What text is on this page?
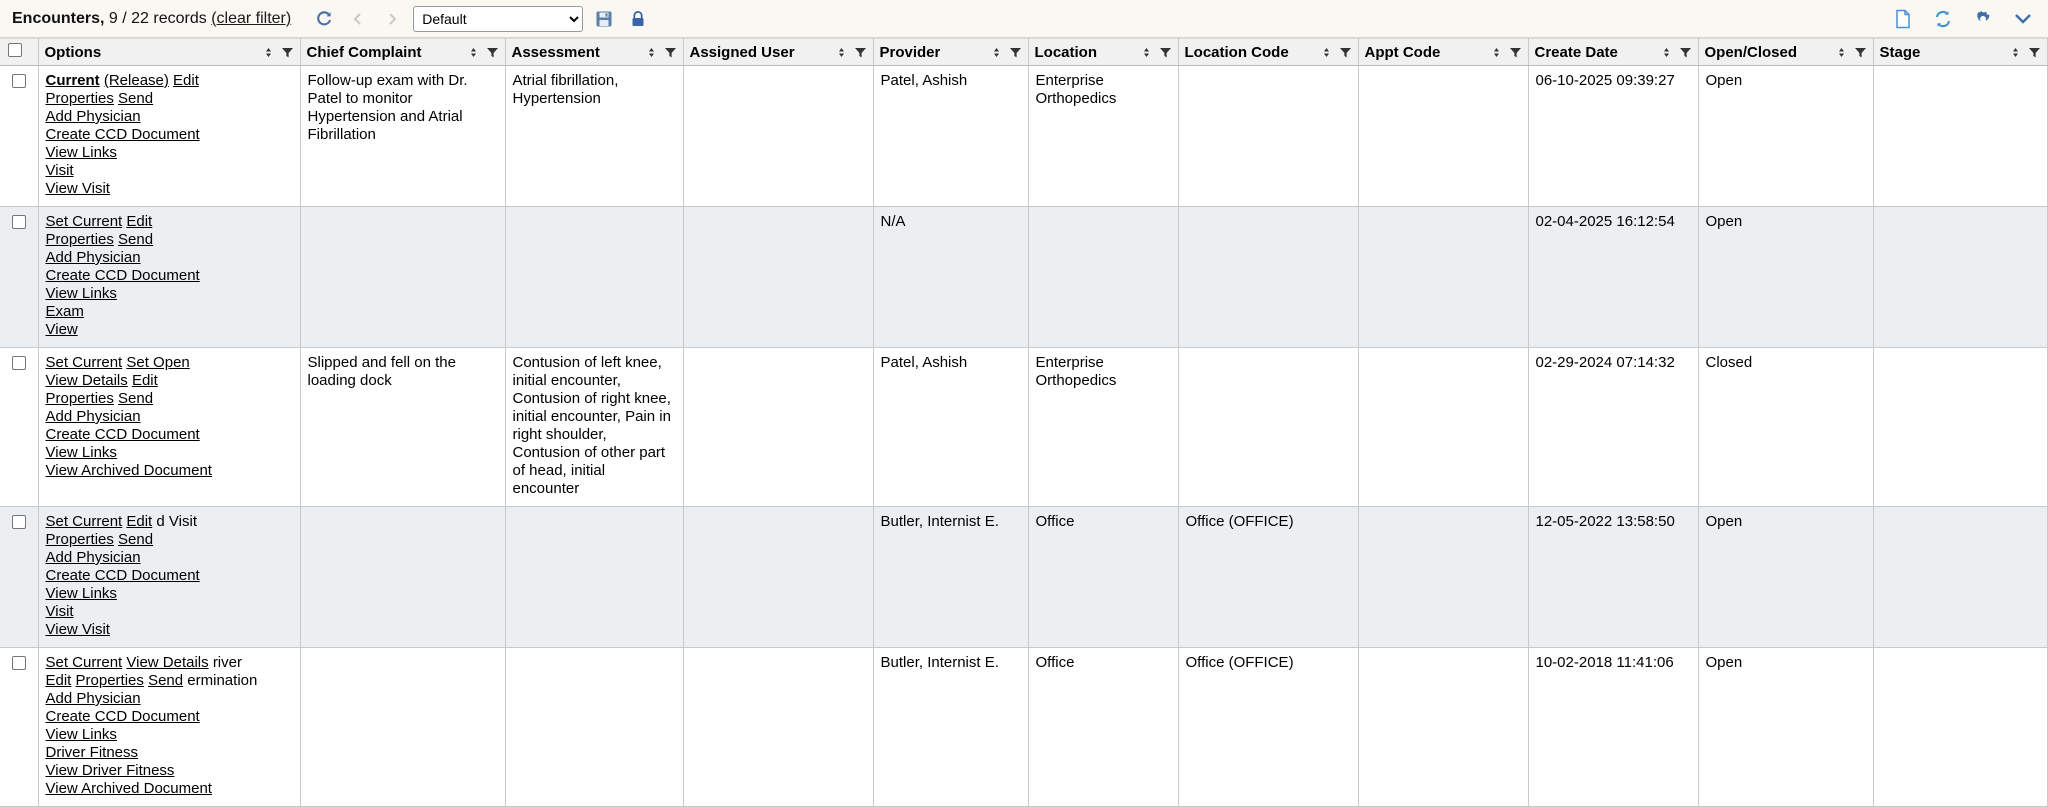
Encounters, 9 / 22 records (clear filter)
Default

	Options	Chief Complaint	Assessment	Assigned User	Provider	Location	Location Code	Appt Code	Create Date	Open/Closed	Stage

Current (Release) Edit
Properties Send
Add Physician
Create CCD Document
View Links
Visit
View Visit
	Follow-up exam with Dr. Patel to monitor Hypertension and Atrial Fibrillation	Atrial fibrillation, Hypertension		Patel, Ashish	Enterprise Orthopedics			06-10-2025 09:39:27	Open	

Set Current Edit
Properties Send
Add Physician
Create CCD Document
View Links
Exam
View
				N/A				02-04-2025 16:12:54	Open	

Set Current Set Open
View Details Edit
Properties Send
Add Physician
Create CCD Document
View Links
View Archived Document
	Slipped and fell on the loading dock	Contusion of left knee, initial encounter, Contusion of right knee, initial encounter, Pain in right shoulder, Contusion of other part of head, initial encounter		Patel, Ashish	Enterprise Orthopedics			02-29-2024 07:14:32	Closed	

Set Current Edit d Visit
Properties Send
Add Physician
Create CCD Document
View Links
Visit
View Visit
				Butler, Internist E.	Office	Office (OFFICE)		12-05-2022 13:58:50	Open	

Set Current View Details river
Edit Properties Send ermination
Add Physician
Create CCD Document
View Links
Driver Fitness
View Driver Fitness
View Archived Document
				Butler, Internist E.	Office	Office (OFFICE)		10-02-2018 11:41:06	Open	
